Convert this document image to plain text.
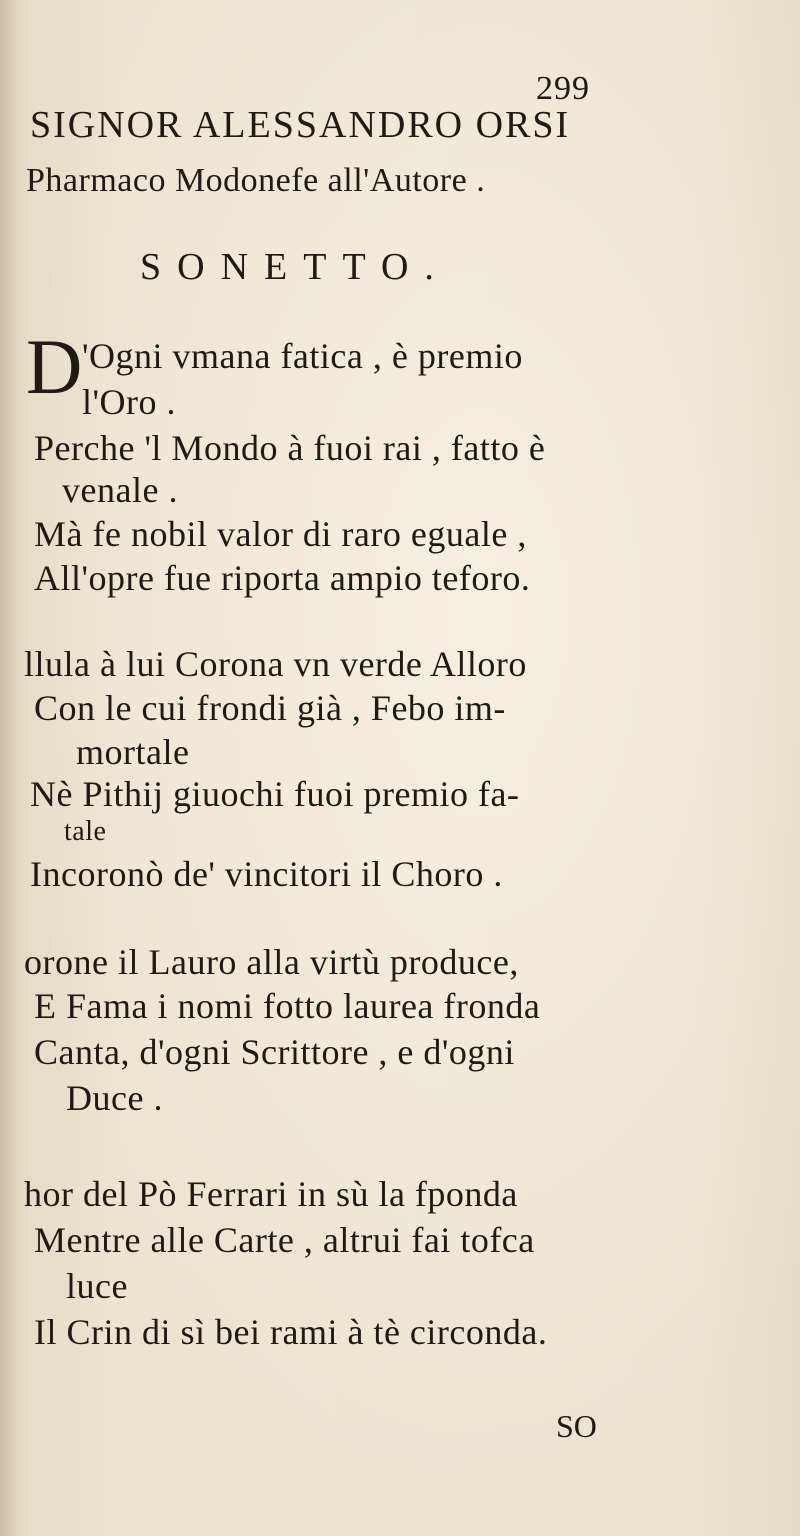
299
SIGNOR ALESSANDRO ORSI
Pharmaco Modonefe all'Autore .
SONETTO.
D 'Ogni vmana fatica , è premio
l'Oro .
Perche 'l Mondo à fuoi rai , fatto è
venale .
Mà fe nobil valor di raro eguale ,
All'opre fue riporta ampio teforo.
llula à lui Corona vn verde Alloro
Con le cui frondi già , Febo im-
mortale
Nè Pithij giuochi fuoi premio fa-
tale
Incoronò de' vincitori il Choro .
orone il Lauro alla virtù produce,
E Fama i nomi fotto laurea fronda
Canta, d'ogni Scrittore , e d'ogni
Duce .
hor del Pò Ferrari in sù la fponda
Mentre alle Carte , altrui fai tofca
luce
Il Crin di sì bei rami à tè circonda.
SO
